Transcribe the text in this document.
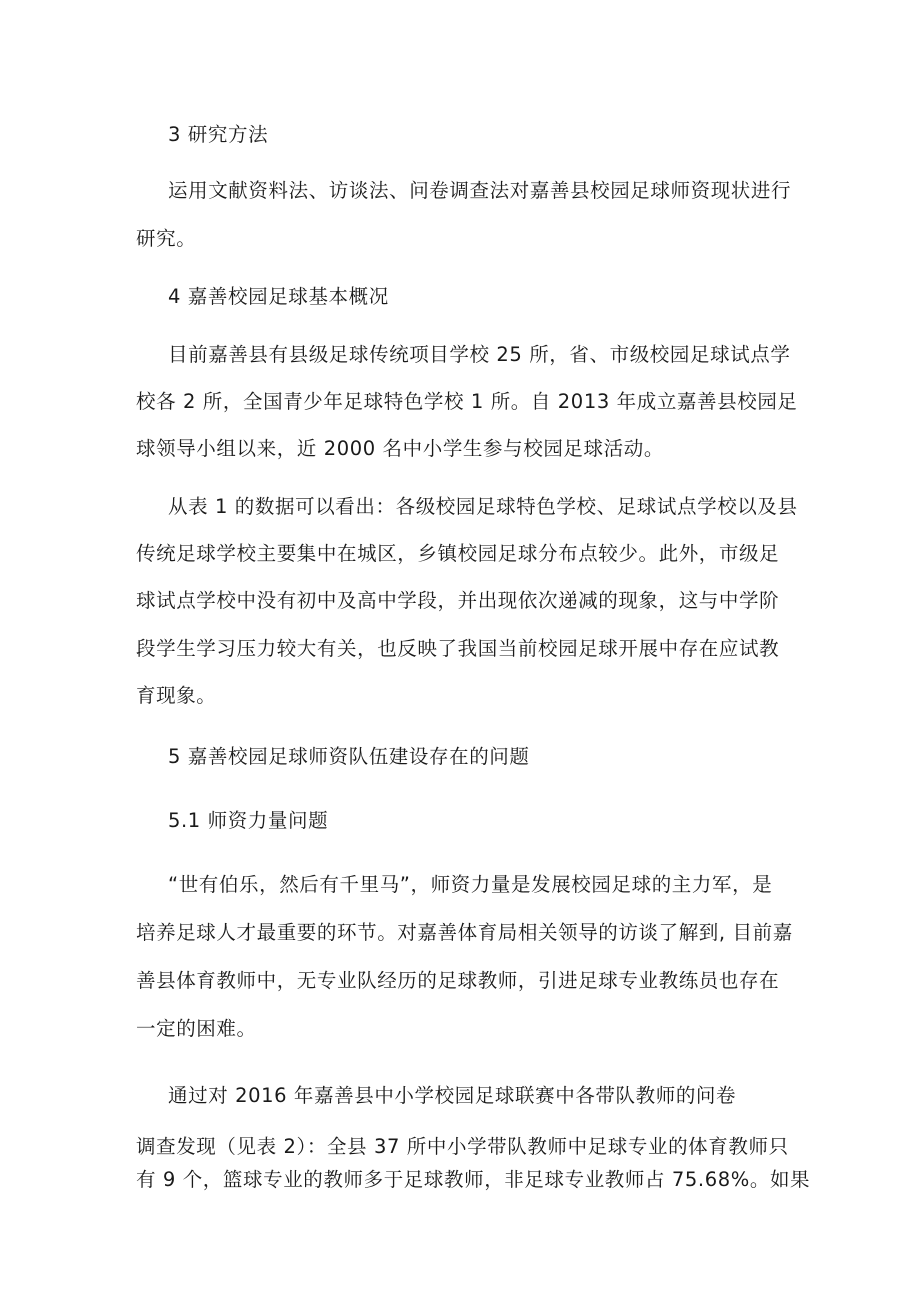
3 研究方法
运用文献资料法、访谈法、问卷调查法对嘉善县校园足球师资现状进行
研究。
4 嘉善校园足球基本概况
目前嘉善县有县级足球传统项目学校 25 所，省、市级校园足球试点学
校各 2 所，全国青少年足球特色学校 1 所。自 2013 年成立嘉善县校园足
球领导小组以来，近 2000 名中小学生参与校园足球活动。
从表 1 的数据可以看出：各级校园足球特色学校、足球试点学校以及县
传统足球学校主要集中在城区，乡镇校园足球分布点较少。此外，市级足
球试点学校中没有初中及高中学段，并出现依次递减的现象，这与中学阶
段学生学习压力较大有关，也反映了我国当前校园足球开展中存在应试教
育现象。
5 嘉善校园足球师资队伍建设存在的问题
5.1 师资力量问题
“世有伯乐，然后有千里马”，师资力量是发展校园足球的主力军，是
培养足球人才最重要的环节。对嘉善体育局相关领导的访谈了解到, 目前嘉
善县体育教师中，无专业队经历的足球教师，引进足球专业教练员也存在
一定的困难。
通过对 2016 年嘉善县中小学校园足球联赛中各带队教师的问卷
调查发现（见表 2）：全县 37 所中小学带队教师中足球专业的体育教师只
有 9 个，篮球专业的教师多于足球教师，非足球专业教师占 75.68%。如果
